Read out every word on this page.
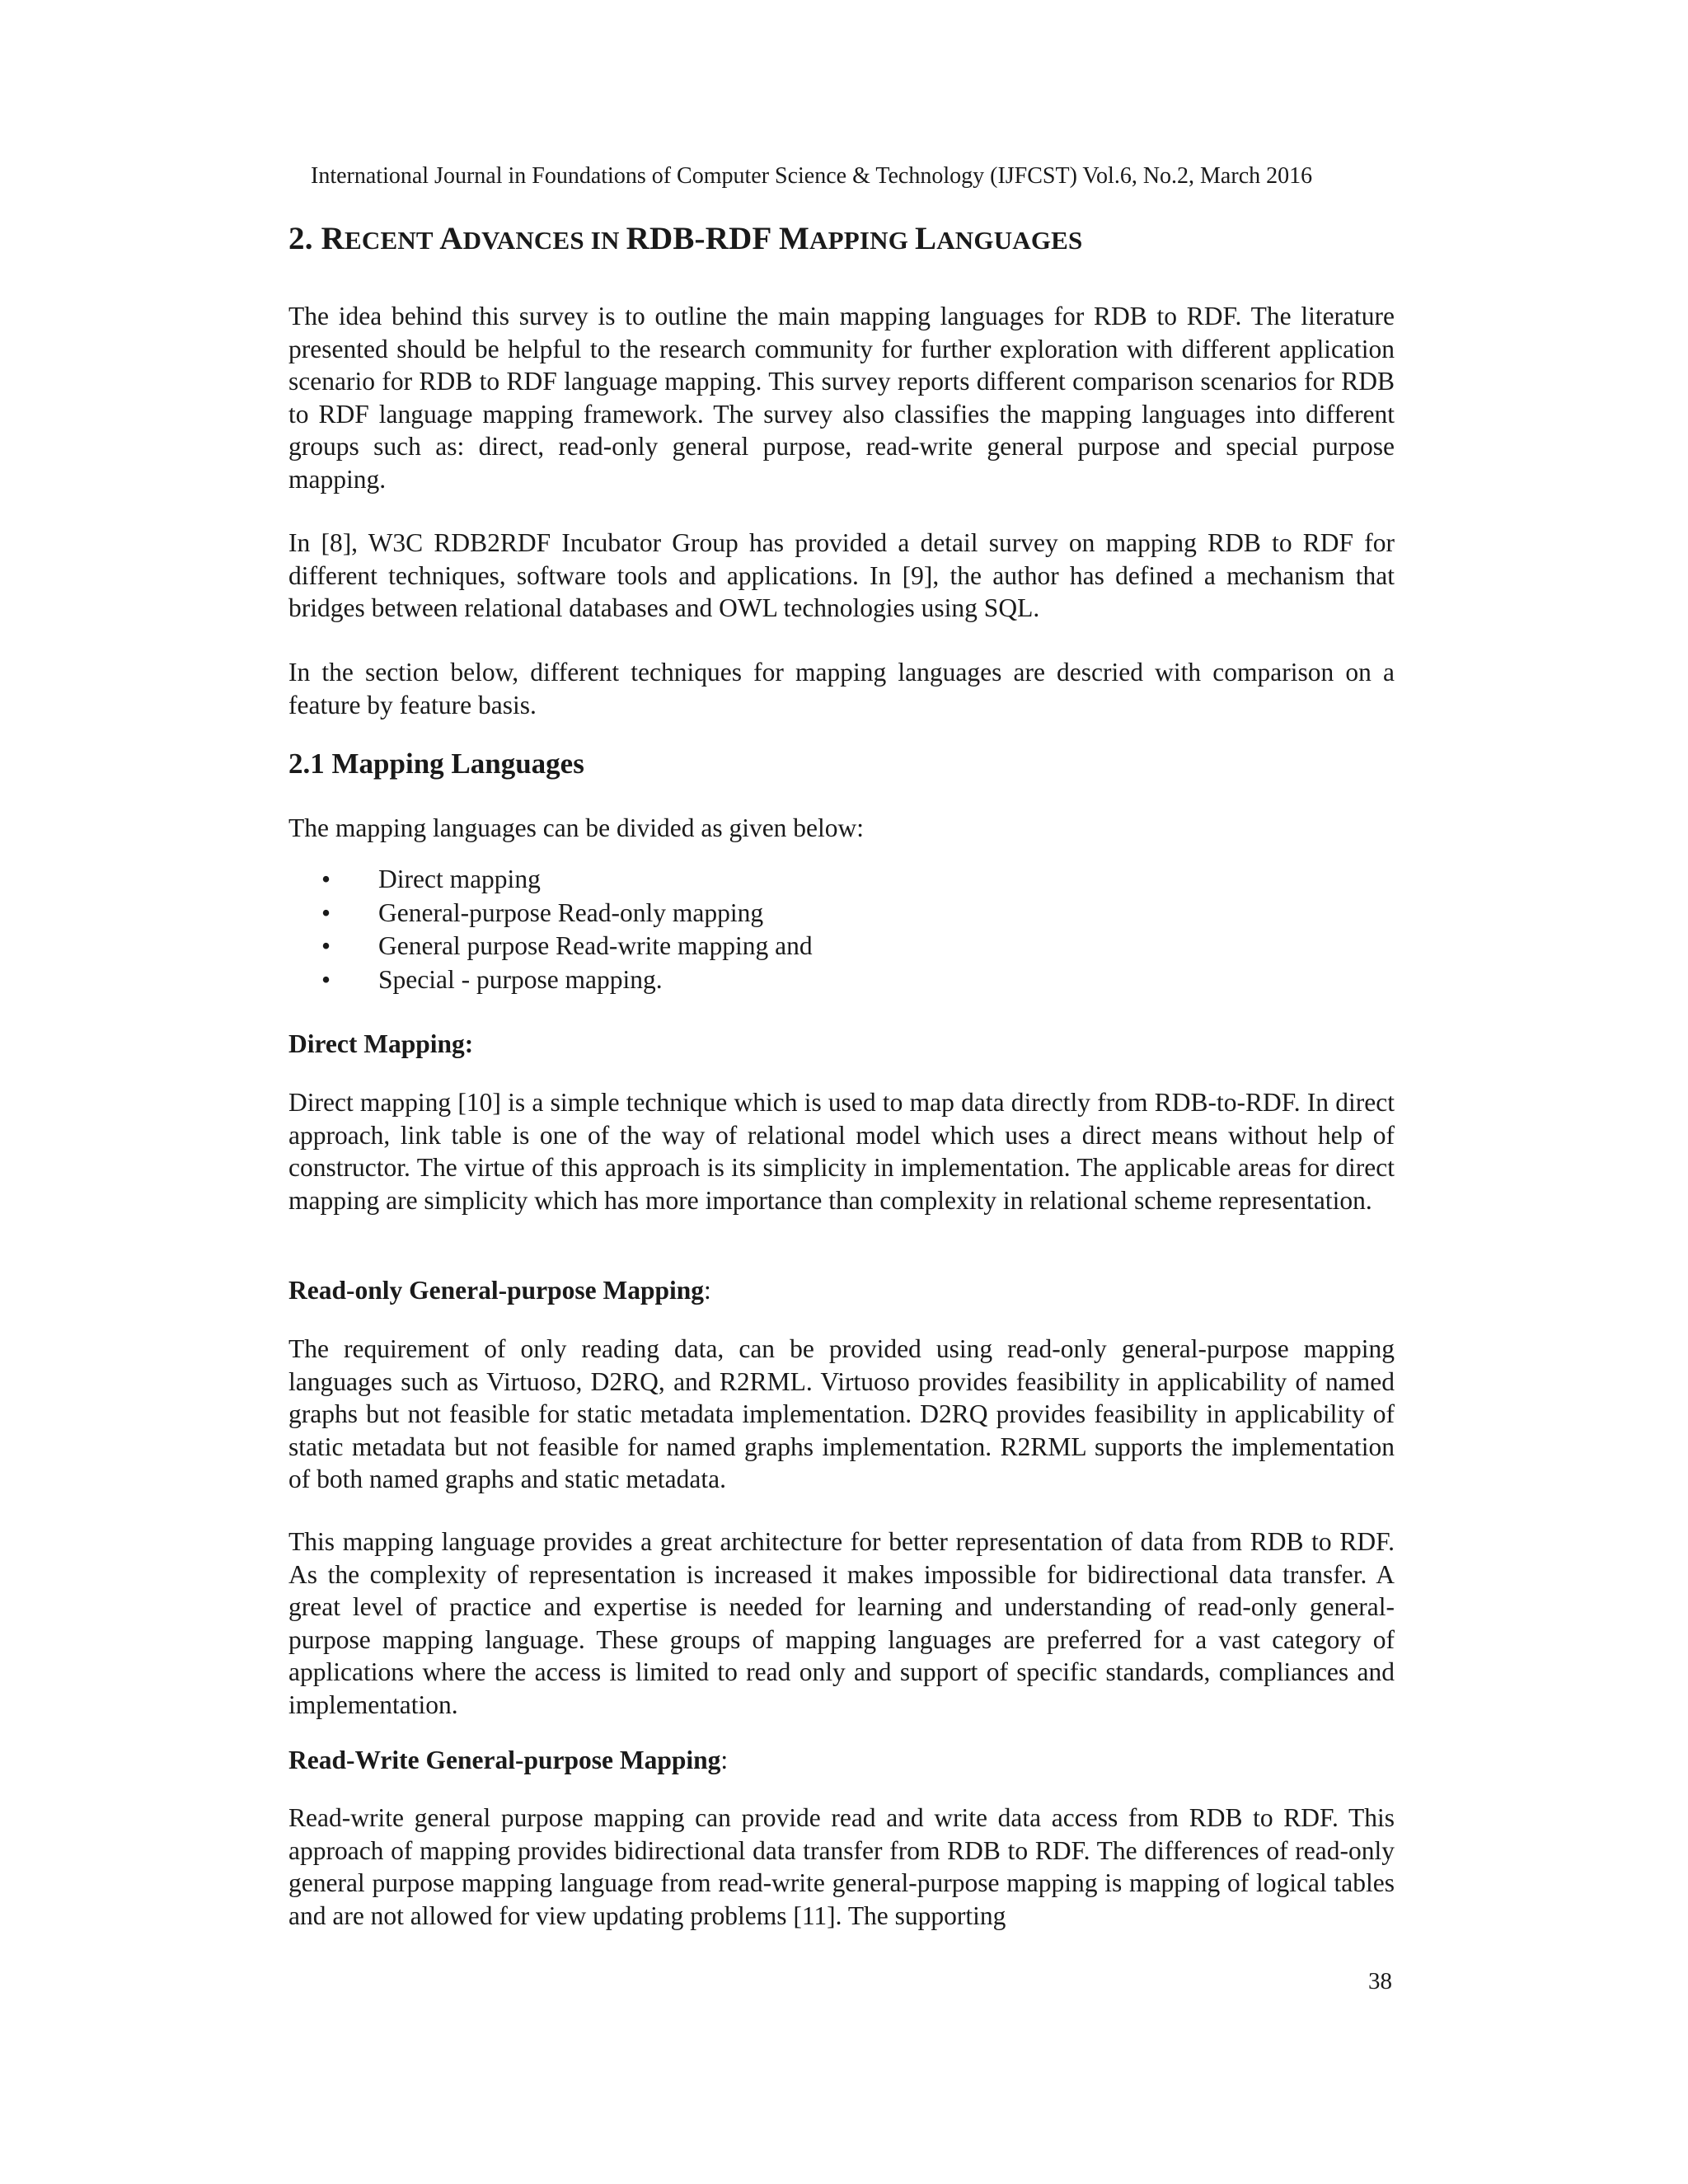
International Journal in Foundations of Computer Science & Technology (IJFCST) Vol.6, No.2, March 2016
2. RECENT ADVANCES IN RDB-RDF MAPPING LANGUAGES

The idea behind this survey is to outline the main mapping languages for RDB to RDF. The literature presented should be helpful to the research community for further exploration with different application scenario for RDB to RDF language mapping. This survey reports different comparison scenarios for RDB to RDF language mapping framework. The survey also classifies the mapping languages into different groups such as: direct, read-only general purpose, read-write general purpose and special purpose mapping.

In [8], W3C RDB2RDF Incubator Group has provided a detail survey on mapping RDB to RDF for different techniques, software tools and applications. In [9], the author has defined a mechanism that bridges between relational databases and OWL technologies using SQL.

In the section below, different techniques for mapping languages are descried with comparison on a feature by feature basis.

2.1 Mapping Languages

The mapping languages can be divided as given below:

• Direct mapping
• General-purpose Read-only mapping
• General purpose Read-write mapping and
• Special - purpose mapping.
Direct Mapping:

Direct mapping [10] is a simple technique which is used to map data directly from RDB-to-RDF. In direct approach, link table is one of the way of relational model which uses a direct means without help of constructor. The virtue of this approach is its simplicity in implementation. The applicable areas for direct mapping are simplicity which has more importance than complexity in relational scheme representation.

Read-only General-purpose Mapping:

The requirement of only reading data, can be provided using read-only general-purpose mapping languages such as Virtuoso, D2RQ, and R2RML. Virtuoso provides feasibility in applicability of named graphs but not feasible for static metadata implementation. D2RQ provides feasibility in applicability of static metadata but not feasible for named graphs implementation. R2RML supports the implementation of both named graphs and static metadata.

This mapping language provides a great architecture for better representation of data from RDB to RDF. As the complexity of representation is increased it makes impossible for bidirectional data transfer. A great level of practice and expertise is needed for learning and understanding of read-only general-purpose mapping language. These groups of mapping languages are preferred for a vast category of applications where the access is limited to read only and support of specific standards, compliances and implementation.

Read-Write General-purpose Mapping:

Read-write general purpose mapping can provide read and write data access from RDB to RDF. This approach of mapping provides bidirectional data transfer from RDB to RDF. The differences of read-only general purpose mapping language from read-write general-purpose mapping is mapping of logical tables and are not allowed for view updating problems [11]. The supporting

38
